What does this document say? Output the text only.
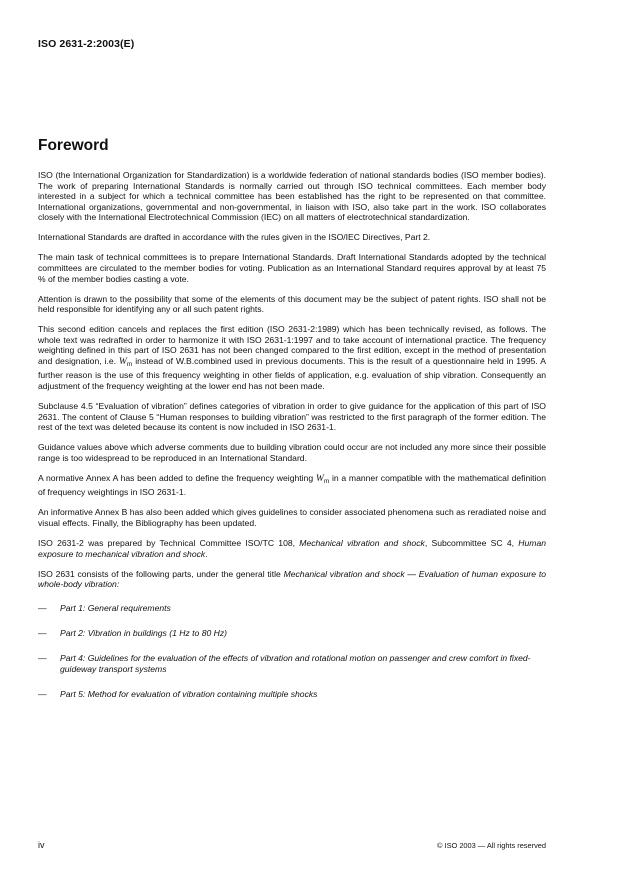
ISO 2631-2:2003(E)
Foreword

ISO (the International Organization for Standardization) is a worldwide federation of national standards bodies (ISO member bodies). The work of preparing International Standards is normally carried out through ISO technical committees. Each member body interested in a subject for which a technical committee has been established has the right to be represented on that committee. International organizations, governmental and non-governmental, in liaison with ISO, also take part in the work. ISO collaborates closely with the International Electrotechnical Commission (IEC) on all matters of electrotechnical standardization.

International Standards are drafted in accordance with the rules given in the ISO/IEC Directives, Part 2.

The main task of technical committees is to prepare International Standards. Draft International Standards adopted by the technical committees are circulated to the member bodies for voting. Publication as an International Standard requires approval by at least 75 % of the member bodies casting a vote.

Attention is drawn to the possibility that some of the elements of this document may be the subject of patent rights. ISO shall not be held responsible for identifying any or all such patent rights.

This second edition cancels and replaces the first edition (ISO 2631-2:1989) which has been technically revised, as follows. The whole text was redrafted in order to harmonize it with ISO 2631-1:1997 and to take account of international practice. The frequency weighting defined in this part of ISO 2631 has not been changed compared to the first edition, except in the method of presentation and designation, i.e. $W_m$ instead of W.B.combined used in previous documents. This is the result of a questionnaire held in 1995. A further reason is the use of this frequency weighting in other fields of application, e.g. evaluation of ship vibration. Consequently an adjustment of the frequency weighting at the lower end has not been made.

Subclause 4.5 “Evaluation of vibration” defines categories of vibration in order to give guidance for the application of this part of ISO 2631. The content of Clause 5 “Human responses to building vibration” was restricted to the first paragraph of the former edition. The rest of the text was deleted because its content is now included in ISO 2631-1.

Guidance values above which adverse comments due to building vibration could occur are not included any more since their possible range is too widespread to be reproduced in an International Standard.

A normative Annex A has been added to define the frequency weighting $W_m$ in a manner compatible with the mathematical definition of frequency weightings in ISO 2631-1.

An informative Annex B has also been added which gives guidelines to consider associated phenomena such as reradiated noise and visual effects. Finally, the Bibliography has been updated.

ISO 2631-2 was prepared by Technical Committee ISO/TC 108, Mechanical vibration and shock, Subcommittee SC 4, Human exposure to mechanical vibration and shock.

ISO 2631 consists of the following parts, under the general title Mechanical vibration and shock — Evaluation of human exposure to whole-body vibration:

— Part 1: General requirements
— Part 2: Vibration in buildings (1 Hz to 80 Hz)
— Part 4: Guidelines for the evaluation of the effects of vibration and rotational motion on passenger and crew comfort in fixed-guideway transport systems
— Part 5: Method for evaluation of vibration containing multiple shocks
iv	© ISO 2003 — All rights reserved
